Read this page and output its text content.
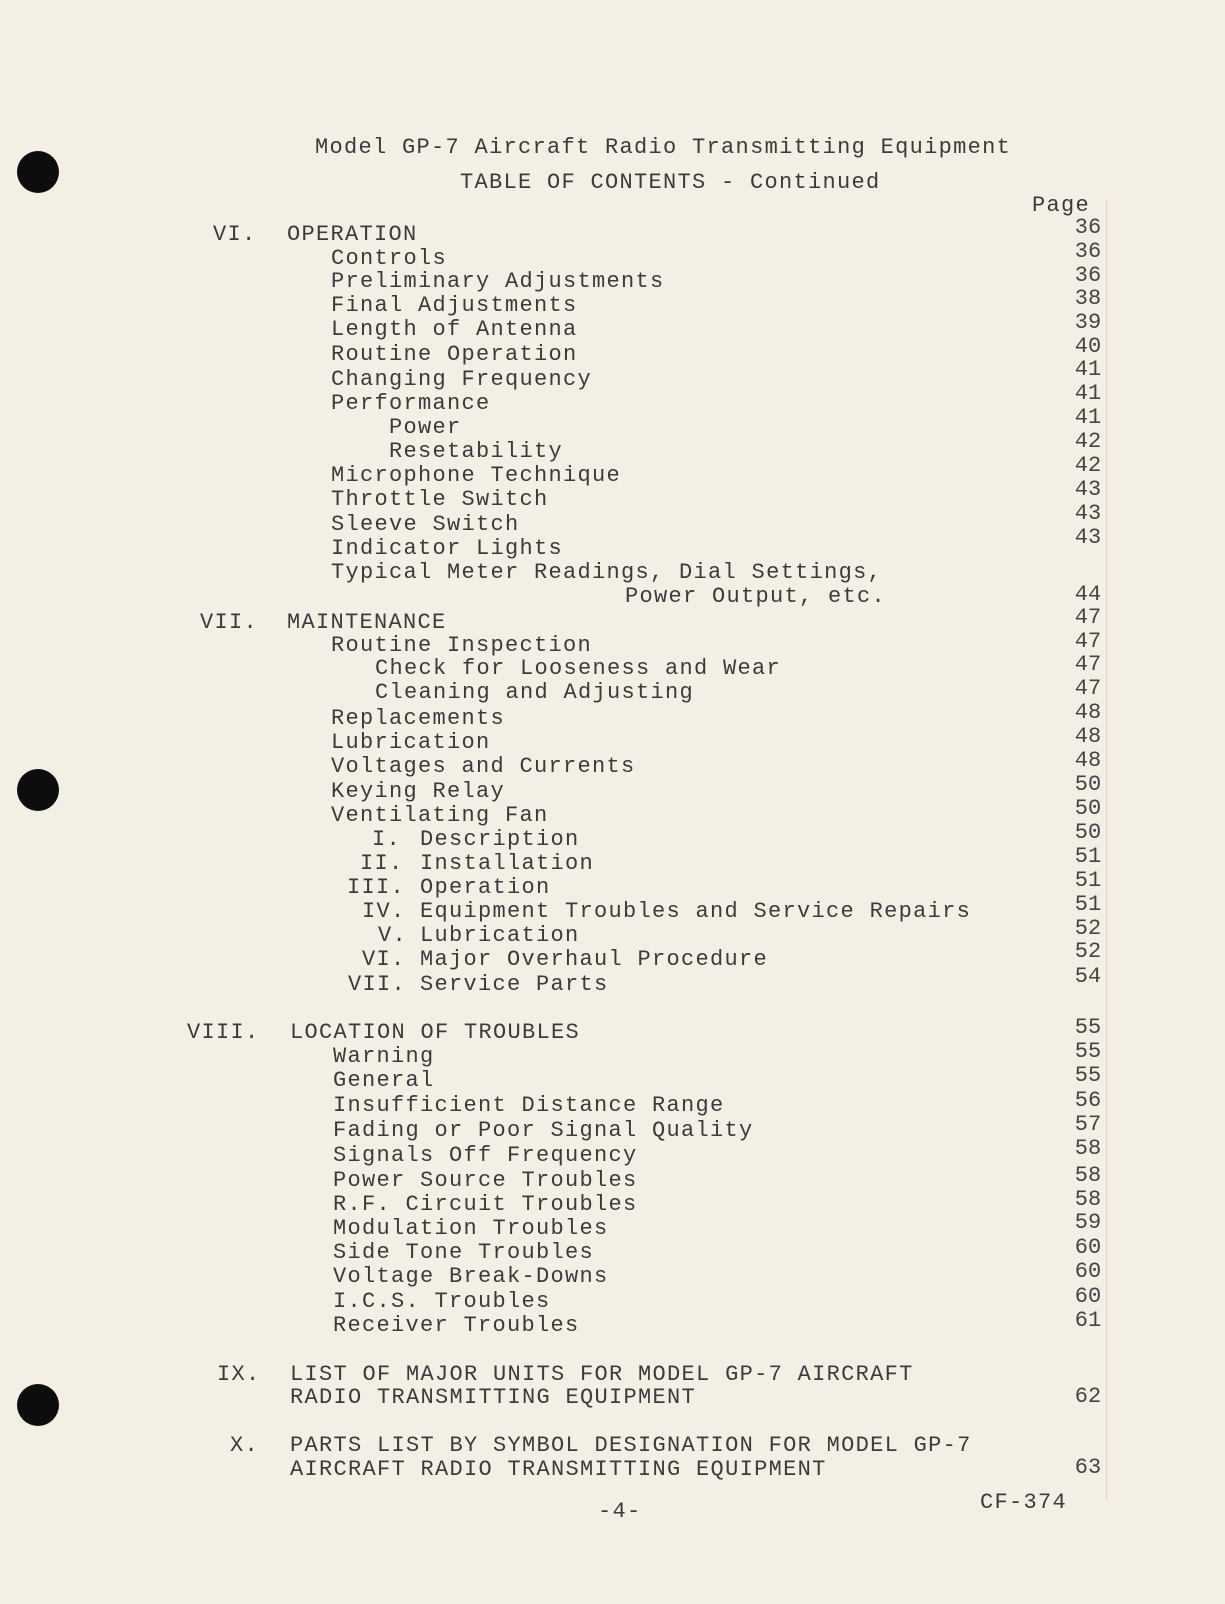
Model GP-7 Aircraft Radio Transmitting Equipment
TABLE OF CONTENTS - Continued
Page
VI. OPERATION	36
Controls	36
Preliminary Adjustments	36
Final Adjustments	38
Length of Antenna	39
Routine Operation	40
Changing Frequency	41
Performance	41
Power	41
Resetability	42
Microphone Technique	42
Throttle Switch	43
Sleeve Switch	43
Indicator Lights	43
Typical Meter Readings, Dial Settings,
Power Output, etc.	44
VII. MAINTENANCE	47
Routine Inspection	47
Check for Looseness and Wear	47
Cleaning and Adjusting	47
Replacements	48
Lubrication	48
Voltages and Currents	48
Keying Relay	50
Ventilating Fan	50
I. Description	50
II. Installation	51
III. Operation	51
IV. Equipment Troubles and Service Repairs	51
V. Lubrication	52
VI. Major Overhaul Procedure	52
VII. Service Parts	54
VIII. LOCATION OF TROUBLES	55
Warning	55
General	55
Insufficient Distance Range	56
Fading or Poor Signal Quality	57
Signals Off Frequency	58
Power Source Troubles	58
R.F. Circuit Troubles	58
Modulation Troubles	59
Side Tone Troubles	60
Voltage Break-Downs	60
I.C.S. Troubles	60
Receiver Troubles	61
IX. LIST OF MAJOR UNITS FOR MODEL GP-7 AIRCRAFT
RADIO TRANSMITTING EQUIPMENT	62
X. PARTS LIST BY SYMBOL DESIGNATION FOR MODEL GP-7
AIRCRAFT RADIO TRANSMITTING EQUIPMENT	63
-4-	CF-374
